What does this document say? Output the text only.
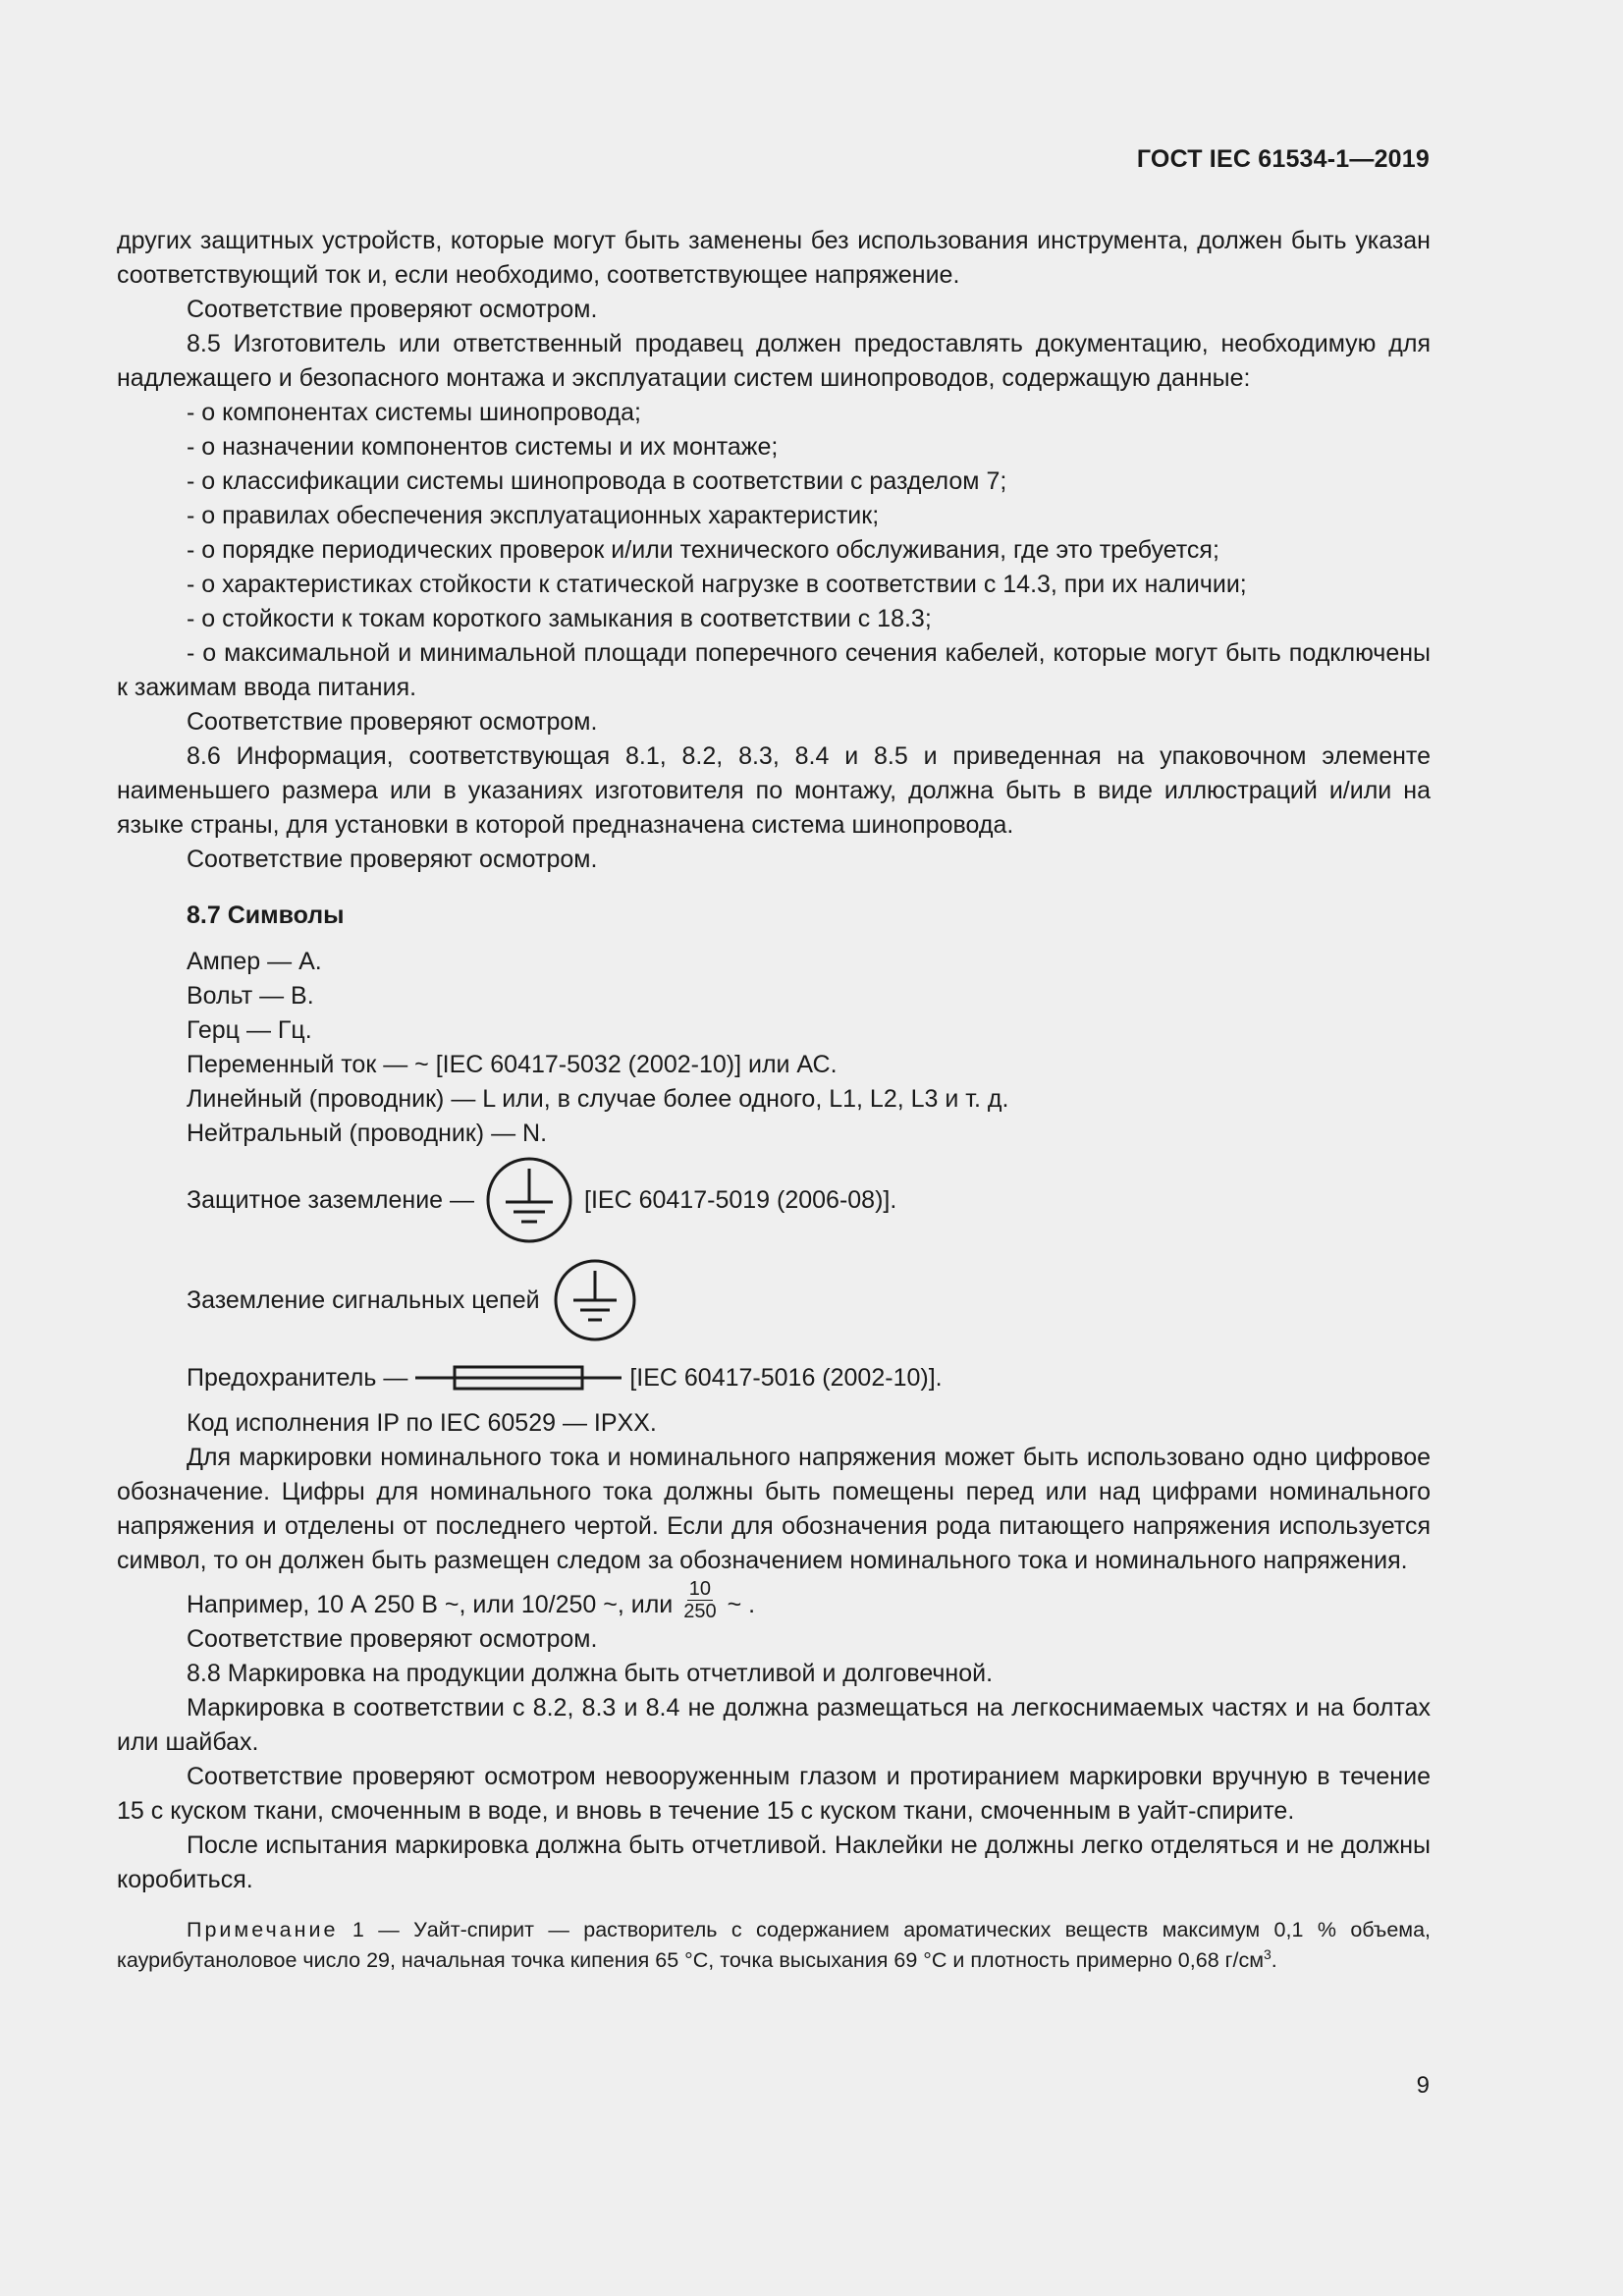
ГОСТ IEC 61534-1—2019

других защитных устройств, которые могут быть заменены без использования инструмента, должен быть указан соответствующий ток и, если необходимо, соответствующее напряжение.

Соответствие проверяют осмотром.

8.5 Изготовитель или ответственный продавец должен предоставлять документацию, необходимую для надлежащего и безопасного монтажа и эксплуатации систем шинопроводов, содержащую данные:

- о компонентах системы шинопровода;

- о назначении компонентов системы и их монтаже;

- о классификации системы шинопровода в соответствии с разделом 7;

- о правилах обеспечения эксплуатационных характеристик;

- о порядке периодических проверок и/или технического обслуживания, где это требуется;

- о характеристиках стойкости к статической нагрузке в соответствии с 14.3, при их наличии;

- о стойкости к токам короткого замыкания в соответствии с 18.3;

- о максимальной и минимальной площади поперечного сечения кабелей, которые могут быть подключены к зажимам ввода питания.

Соответствие проверяют осмотром.

8.6 Информация, соответствующая 8.1, 8.2, 8.3, 8.4 и 8.5 и приведенная на упаковочном элементе наименьшего размера или в указаниях изготовителя по монтажу, должна быть в виде иллюстраций и/или на языке страны, для установки в которой предназначена система шинопровода.

Соответствие проверяют осмотром.

8.7 Символы

Ампер — А.

Вольт — В.

Герц — Гц.

Переменный ток — ~ [IEC 60417-5032 (2002-10)] или АС.

Линейный (проводник) — L или, в случае более одного, L1, L2, L3 и т. д.

Нейтральный (проводник) — N.

Защитное заземление —	[IEC 60417-5019 (2006-08)].
Заземление сигнальных цепей
Предохранитель —	[IEC 60417-5016 (2002-10)].

Код исполнения IP по IEC 60529 — IPXX.

Для маркировки номинального тока и номинального напряжения может быть использовано одно цифровое обозначение. Цифры для номинального тока должны быть помещены перед или над цифрами номинального напряжения и отделены от последнего чертой. Если для обозначения рода питающего напряжения используется символ, то он должен быть размещен следом за обозначением номинального тока и номинального напряжения.

Например, 10 А 250 В ~, или 10/250 ~, или $\frac{10}{250}$ ~ .

Соответствие проверяют осмотром.

8.8 Маркировка на продукции должна быть отчетливой и долговечной.

Маркировка в соответствии с 8.2, 8.3 и 8.4 не должна размещаться на легкоснимаемых частях и на болтах или шайбах.

Соответствие проверяют осмотром невооруженным глазом и протиранием маркировки вручную в течение 15 с куском ткани, смоченным в воде, и вновь в течение 15 с куском ткани, смоченным в уайт-спирите.

После испытания маркировка должна быть отчетливой. Наклейки не должны легко отделяться и не должны коробиться.

Примечание 1 — Уайт-спирит — растворитель с содержанием ароматических веществ максимум 0,1 % объема, каурибутаноловое число 29, начальная точка кипения 65 °С, точка высыхания 69 °С и плотность примерно 0,68 $г/см^3$.

9
